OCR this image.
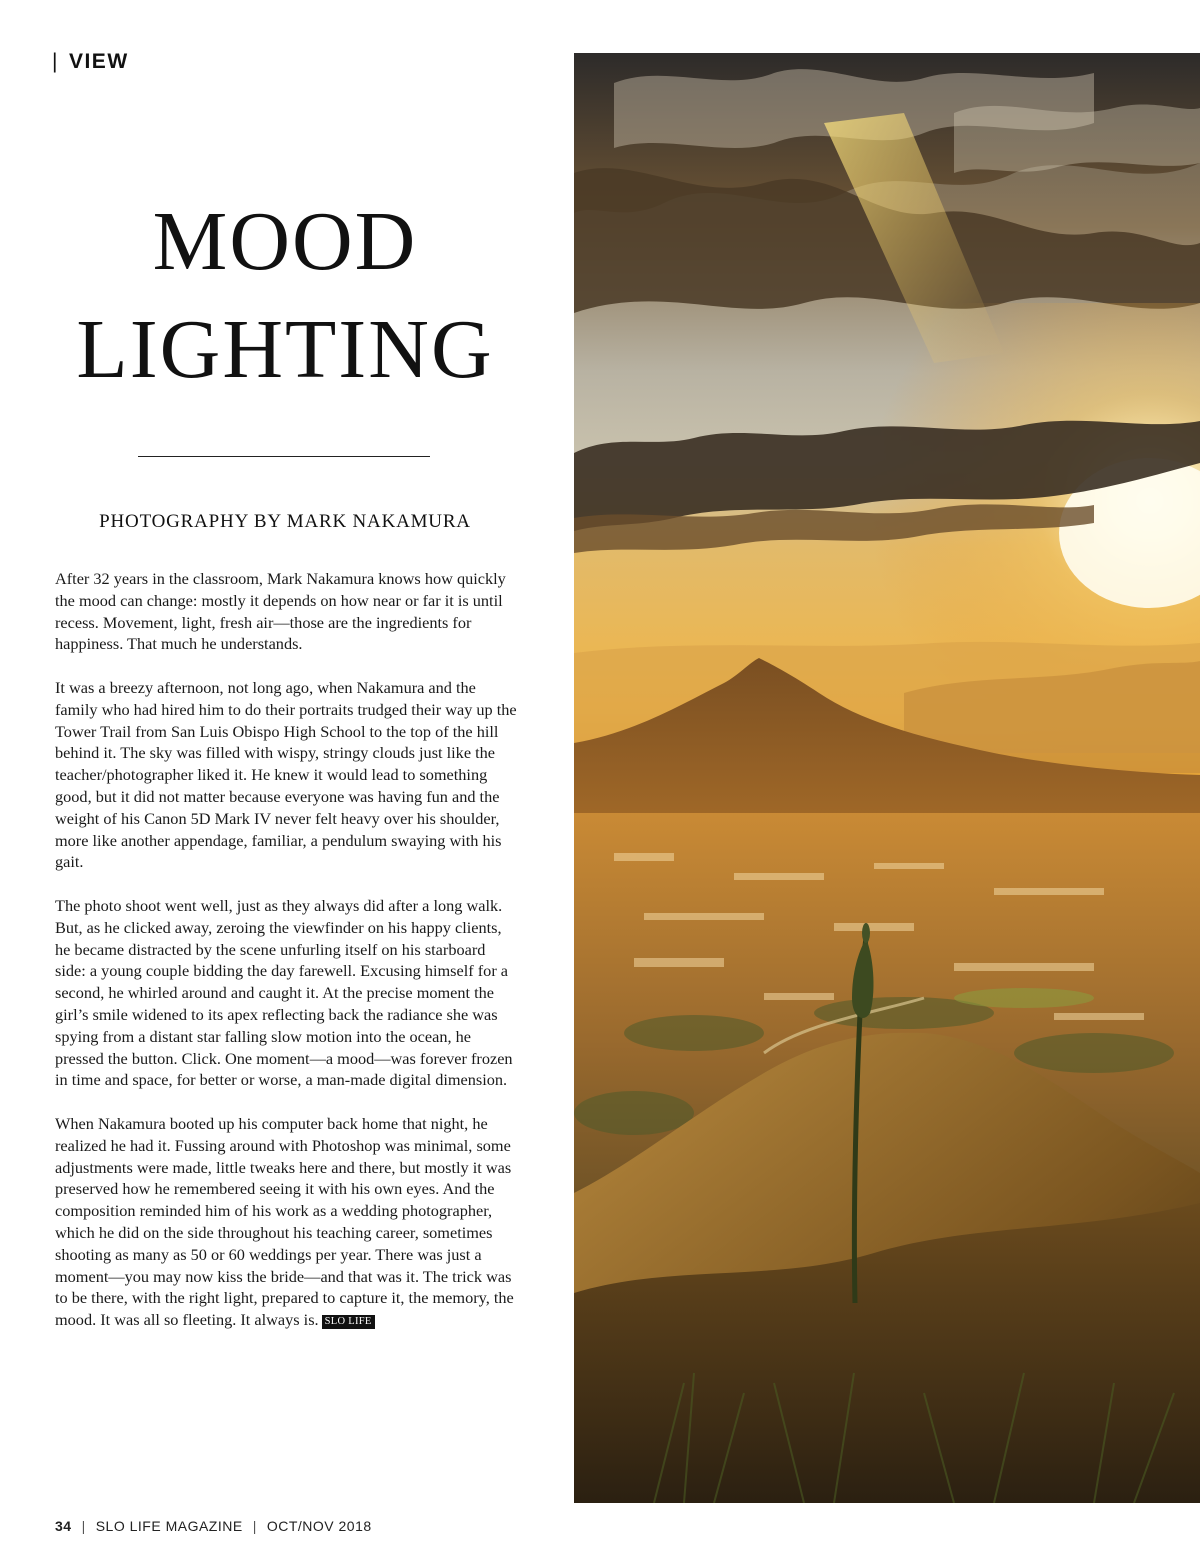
| VIEW
MOOD
LIGHTING
PHOTOGRAPHY BY MARK NAKAMURA

After 32 years in the classroom, Mark Nakamura knows how quickly the mood can change: mostly it depends on how near or far it is until recess. Movement, light, fresh air—those are the ingredients for happiness. That much he understands.

It was a breezy afternoon, not long ago, when Nakamura and the family who had hired him to do their portraits trudged their way up the Tower Trail from San Luis Obispo High School to the top of the hill behind it. The sky was filled with wispy, stringy clouds just like the teacher/photographer liked it. He knew it would lead to something good, but it did not matter because everyone was having fun and the weight of his Canon 5D Mark IV never felt heavy over his shoulder, more like another appendage, familiar, a pendulum swaying with his gait.

The photo shoot went well, just as they always did after a long walk. But, as he clicked away, zeroing the viewfinder on his happy clients, he became distracted by the scene unfurling itself on his starboard side: a young couple bidding the day farewell. Excusing himself for a second, he whirled around and caught it. At the precise moment the girl’s smile widened to its apex reflecting back the radiance she was spying from a distant star falling slow motion into the ocean, he pressed the button. Click. One moment—a mood—was forever frozen in time and space, for better or worse, a man-made digital dimension.

When Nakamura booted up his computer back home that night, he realized he had it. Fussing around with Photoshop was minimal, some adjustments were made, little tweaks here and there, but mostly it was preserved how he remembered seeing it with his own eyes. And the composition reminded him of his work as a wedding photographer, which he did on the side throughout his teaching career, sometimes shooting as many as 50 or 60 weddings per year. There was just a moment—you may now kiss the bride—and that was it. The trick was to be there, with the right light, prepared to capture it, the memory, the mood. It was all so fleeting. It always is. SLO LIFE

34 | SLO LIFE MAGAZINE | OCT/NOV 2018
